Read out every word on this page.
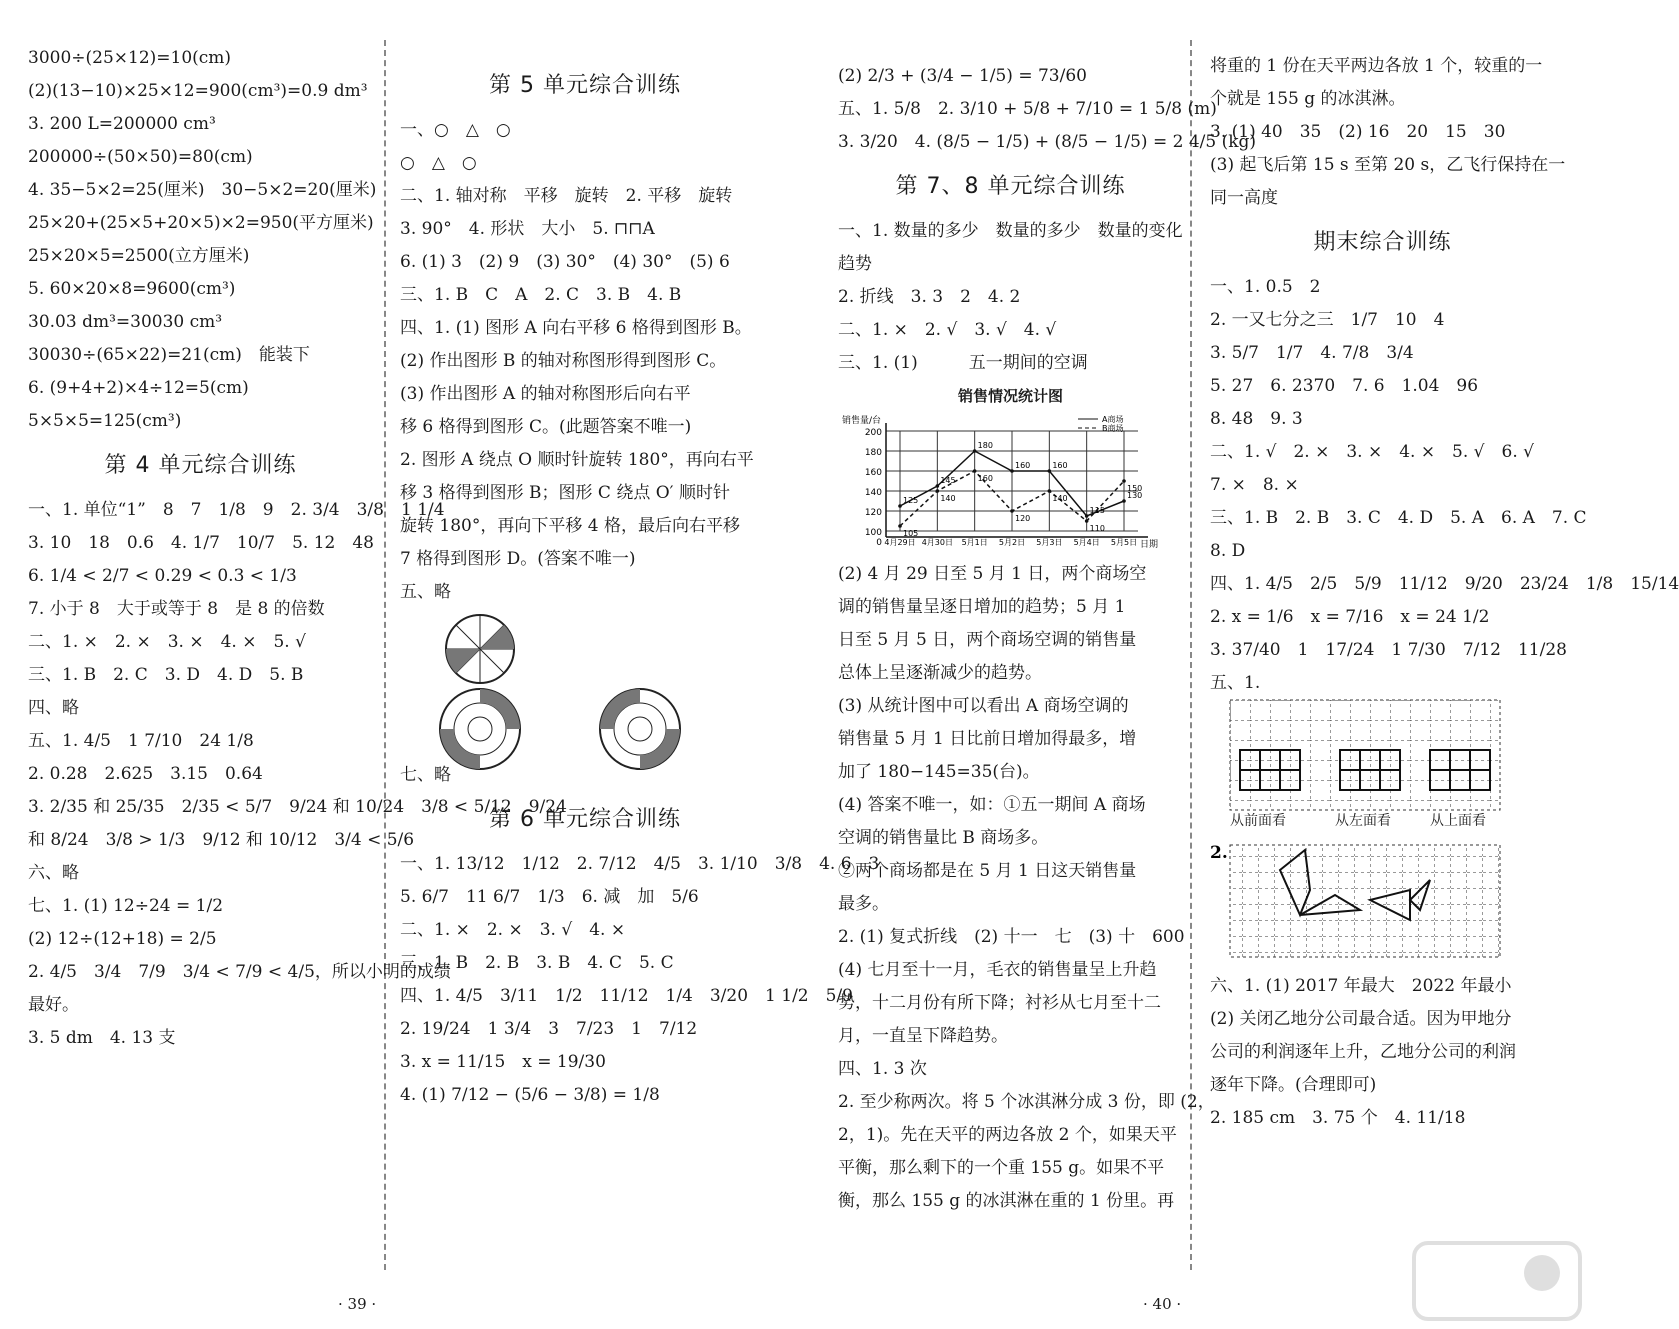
3000÷(25×12)=10(cm)
(2)(13−10)×25×12=900(cm³)=0.9 dm³
3. 200 L=200000 cm³
200000÷(50×50)=80(cm)
4. 35−5×2=25(厘米)　30−5×2=20(厘米)
25×20+(25×5+20×5)×2=950(平方厘米)
25×20×5=2500(立方厘米)
5. 60×20×8=9600(cm³)
30.03 dm³=30030 cm³
30030÷(65×22)=21(cm)　能装下
6. (9+4+2)×4÷12=5(cm)
5×5×5=125(cm³)
第 4 单元综合训练
一、1. 单位“1”　8　7　1/8　9　2. 3/4　3/8　1 1/4
3. 10　18　0.6　4. 1/7　10/7　5. 12　48
6. 1/4 < 2/7 < 0.29 < 0.3 < 1/3
7. 小于 8　大于或等于 8　是 8 的倍数
二、1. ×　2. ×　3. ×　4. ×　5. √
三、1. B　2. C　3. D　4. D　5. B
四、略
五、1. 4/5　1 7/10　24 1/8
2. 0.28　2.625　3.15　0.64
3. 2/35 和 25/35　2/35 < 5/7　9/24 和 10/24　3/8 < 5/12　9/24
和 8/24　3/8 > 1/3　9/12 和 10/12　3/4 < 5/6
六、略
七、1. (1) 12÷24 = 1/2
(2) 12÷(12+18) = 2/5
2. 4/5　3/4　7/9　3/4 < 7/9 < 4/5，所以小明的成绩
最好。
3. 5 dm　4. 13 支
第 5 单元综合训练
一、○　△　○
○　△　○
二、1. 轴对称　平移　旋转　2. 平移　旋转
3. 90°　4. 形状　大小　5. ⊓⊓A
6. (1) 3　(2) 9　(3) 30°　(4) 30°　(5) 6
三、1. B　C　A　2. C　3. B　4. B
四、1. (1) 图形 A 向右平移 6 格得到图形 B。
(2) 作出图形 B 的轴对称图形得到图形 C。
(3) 作出图形 A 的轴对称图形后向右平
移 6 格得到图形 C。(此题答案不唯一)
2. 图形 A 绕点 O 顺时针旋转 180°，再向右平
移 3 格得到图形 B；图形 C 绕点 O′ 顺时针
旋转 180°，再向下平移 4 格，最后向右平移
7 格得到图形 D。(答案不唯一)
五、略
七、略
第 6 单元综合训练
一、1. 13/12　1/12　2. 7/12　4/5　3. 1/10　3/8　4. 6　3
5. 6/7　11 6/7　1/3　6. 减　加　5/6
二、1. ×　2. ×　3. √　4. ×
三、1. B　2. B　3. B　4. C　5. C
四、1. 4/5　3/11　1/2　11/12　1/4　3/20　1 1/2　5/9
2. 19/24　1 3/4　3　7/23　1　7/12
3. x = 11/15　x = 19/30
4. (1) 7/12 − (5/6 − 3/8) = 1/8
· 39 ·
(2) 2/3 + (3/4 − 1/5) = 73/60
五、1. 5/8　2. 3/10 + 5/8 + 7/10 = 1 5/8 (m)
3. 3/20　4. (8/5 − 1/5) + (8/5 − 1/5) = 2 4/5 (kg)
第 7、8 单元综合训练
一、1. 数量的多少　数量的多少　数量的变化
趋势
2. 折线　3. 3　2　4. 2
二、1. ×　2. √　3. √　4. √
三、1. (1)　　　五一期间的空调
销售情况统计图
100
120
140
160
180
200
0 4月29日 4月30日 5月1日 5月2日 5月3日 5月4日 5月5日
销售量/台
日期
125
145
180
160	160
115
130
A商场
105
140
160
120
140
110
150
B商场
(2) 4 月 29 日至 5 月 1 日，两个商场空
调的销售量呈逐日增加的趋势；5 月 1
日至 5 月 5 日，两个商场空调的销售量
总体上呈逐渐减少的趋势。
(3) 从统计图中可以看出 A 商场空调的
销售量 5 月 1 日比前日增加得最多，增
加了 180−145=35(台)。
(4) 答案不唯一，如：①五一期间 A 商场
空调的销售量比 B 商场多。
②两个商场都是在 5 月 1 日这天销售量
最多。
2. (1) 复式折线　(2) 十一　七　(3) 十　600
(4) 七月至十一月，毛衣的销售量呈上升趋
势，十二月份有所下降；衬衫从七月至十二
月，一直呈下降趋势。
四、1. 3 次
2. 至少称两次。将 5 个冰淇淋分成 3 份，即 (2，
2，1)。先在天平的两边各放 2 个，如果天平
平衡，那么剩下的一个重 155 g。如果不平
衡，那么 155 g 的冰淇淋在重的 1 份里。再
将重的 1 份在天平两边各放 1 个，较重的一
个就是 155 g 的冰淇淋。
3. (1) 40　35　(2) 16　20　15　30
(3) 起飞后第 15 s 至第 20 s，乙飞行保持在一
同一高度
期末综合训练
一、1. 0.5　2
2. 一又七分之三　1/7　10　4
3. 5/7　1/7　4. 7/8　3/4
5. 27　6. 2370　7. 6　1.04　96
8. 48　9. 3
二、1. √　2. ×　3. ×　4. ×　5. √　6. √
7. ×　8. ×
三、1. B　2. B　3. C　4. D　5. A　6. A　7. C
8. D
四、1. 4/5　2/5　5/9　11/12　9/20　23/24　1/8　15/14
2. x = 1/6　x = 7/16　x = 24 1/2
3. 37/40　1　17/24　1 7/30　7/12　11/28
五、1.
从前面看	从左面看	从上面看
2.
六、1. (1) 2017 年最大　2022 年最小
(2) 关闭乙地分公司最合适。因为甲地分
公司的利润逐年上升，乙地分公司的利润
逐年下降。(合理即可)
2. 185 cm　3. 75 个　4. 11/18
· 40 ·
